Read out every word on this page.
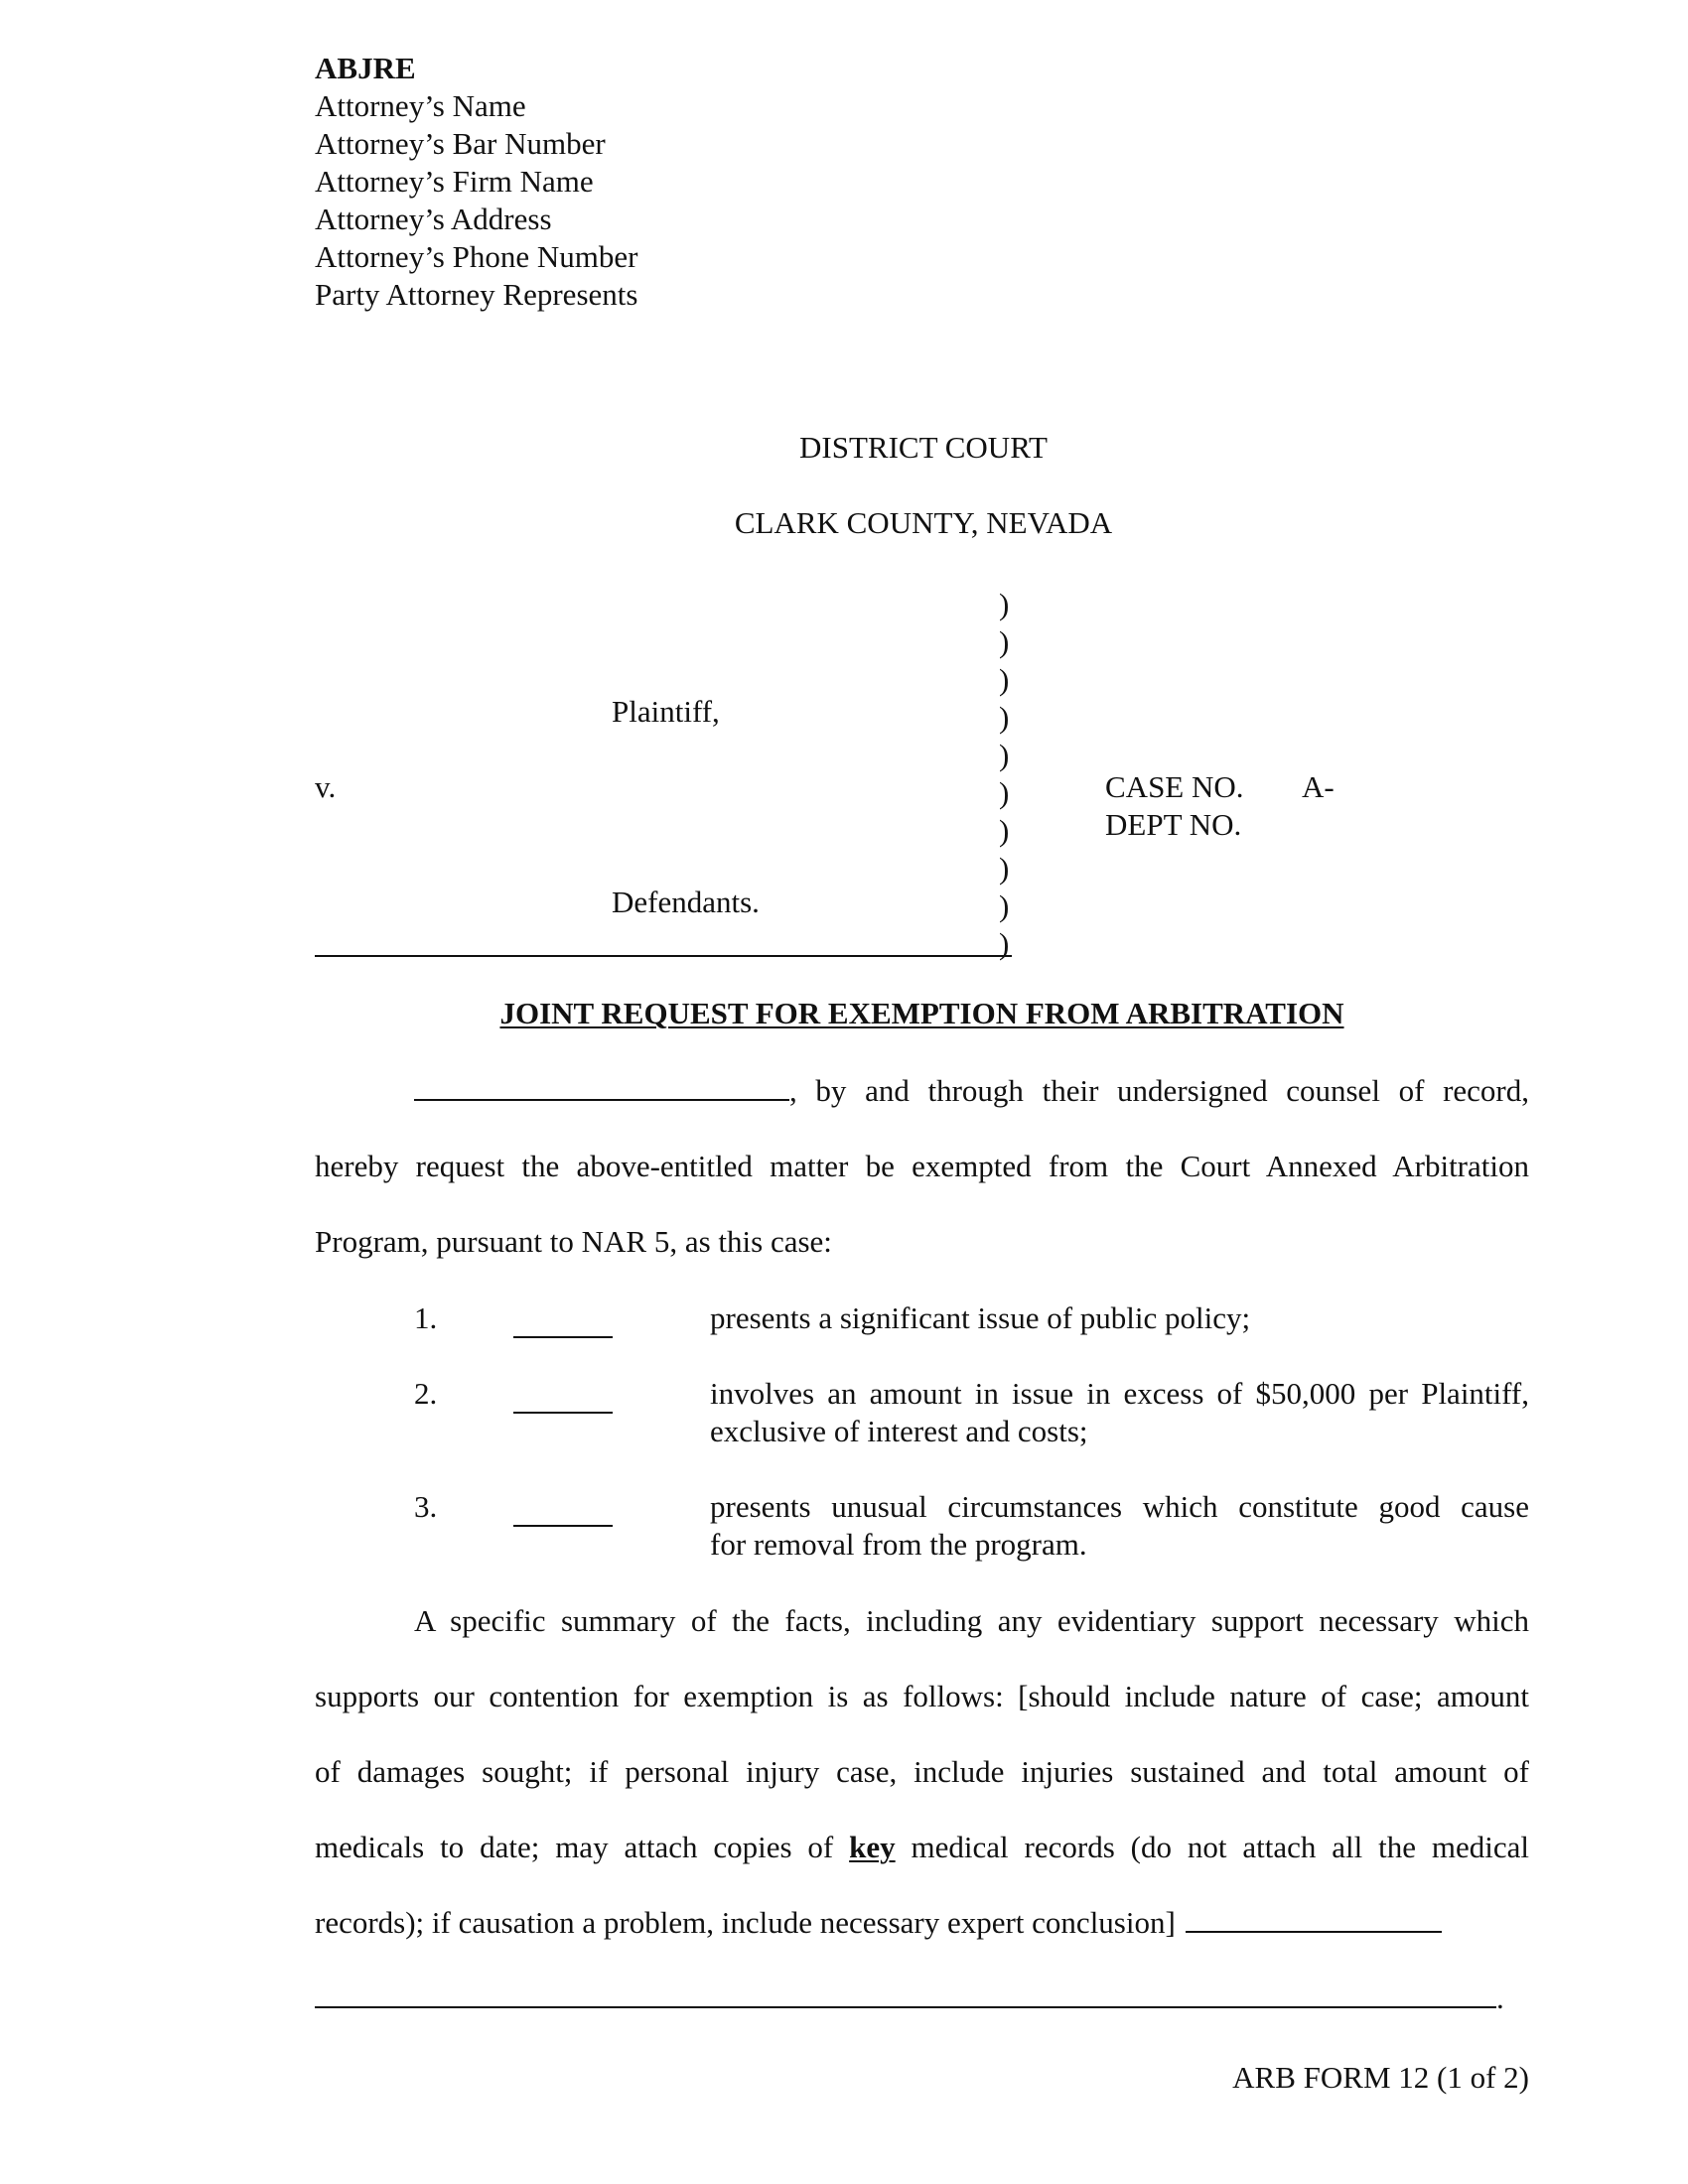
ABJRE
Attorney’s Name
Attorney’s Bar Number
Attorney’s Firm Name
Attorney’s Address
Attorney’s Phone Number
Party Attorney Represents
DISTRICT COURT
CLARK COUNTY, NEVADA
Plaintiff,
v.
Defendants.
)
)
)
)
)
)
)
)
)
)
CASE NO. A-
DEPT NO.
JOINT REQUEST FOR EXEMPTION FROM ARBITRATION
, by and through their undersigned counsel of record,
hereby request the above-entitled matter be exempted from the Court Annexed Arbitration
Program, pursuant to NAR 5, as this case:
1.	presents a significant issue of public policy;
2.	involves an amount in issue in excess of $50,000 per Plaintiff,
exclusive of interest and costs;
3.	presents unusual circumstances which constitute good cause
for removal from the program.
A specific summary of the facts, including any evidentiary support necessary which
supports our contention for exemption is as follows: [should include nature of case; amount
of damages sought; if personal injury case, include injuries sustained and total amount of
medicals to date; may attach copies of key medical records (do not attach all the medical
records); if causation a problem, include necessary expert conclusion]
.
ARB FORM 12 (1 of 2)
